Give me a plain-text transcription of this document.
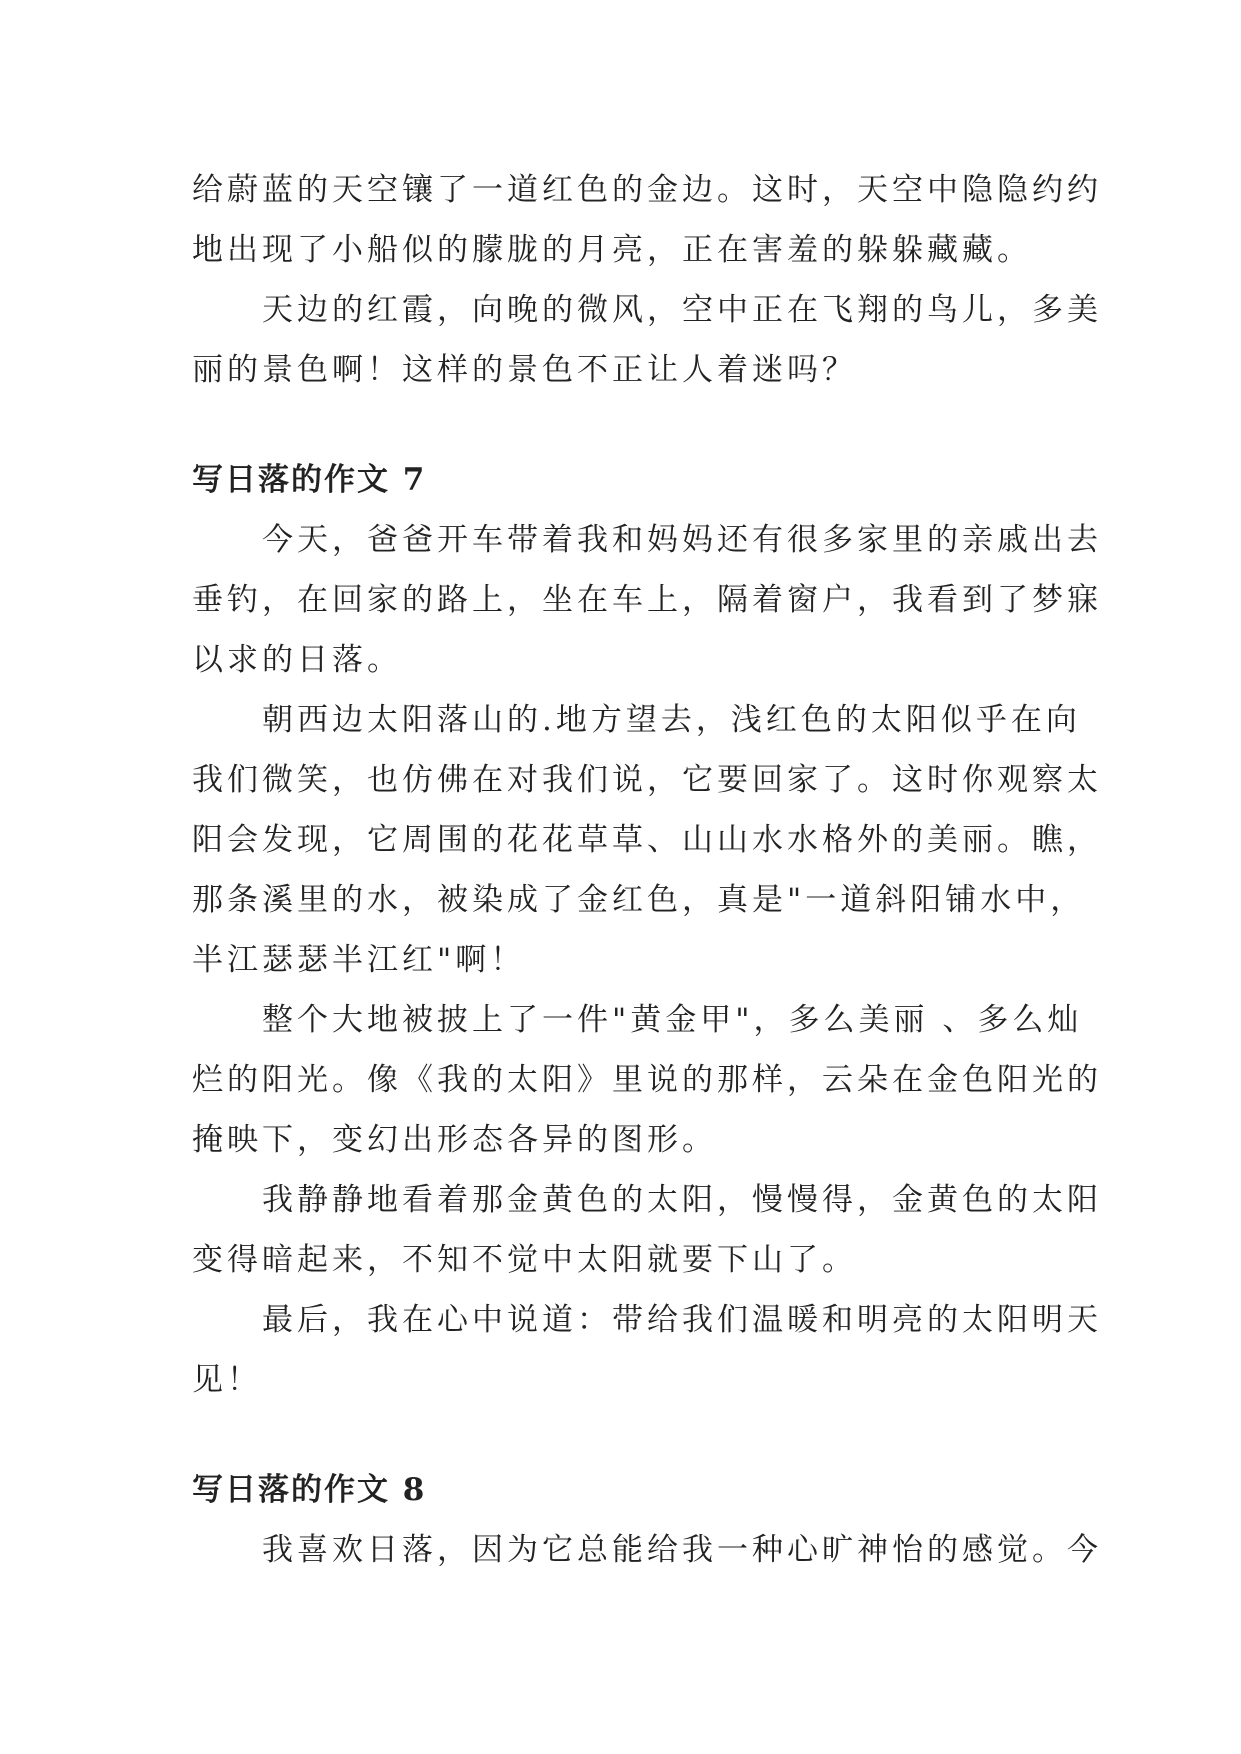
给蔚蓝的天空镶了一道红色的金边。这时，天空中隐隐约约

地出现了小船似的朦胧的月亮，正在害羞的躲躲藏藏。

天边的红霞，向晚的微风，空中正在飞翔的鸟儿，多美

丽的景色啊！这样的景色不正让人着迷吗？

写日落的作文 7

今天，爸爸开车带着我和妈妈还有很多家里的亲戚出去

垂钓，在回家的路上，坐在车上，隔着窗户，我看到了梦寐

以求的日落。

朝西边太阳落山的.地方望去，浅红色的太阳似乎在向

我们微笑，也仿佛在对我们说，它要回家了。这时你观察太

阳会发现，它周围的花花草草、山山水水格外的美丽。瞧，

那条溪里的水，被染成了金红色，真是"一道斜阳铺水中，

半江瑟瑟半江红"啊！

整个大地被披上了一件"黄金甲"，多么美丽 、多么灿

烂的阳光。像《我的太阳》里说的那样，云朵在金色阳光的

掩映下，变幻出形态各异的图形。

我静静地看着那金黄色的太阳，慢慢得，金黄色的太阳

变得暗起来，不知不觉中太阳就要下山了。

最后，我在心中说道：带给我们温暖和明亮的太阳明天

见！

写日落的作文 8

我喜欢日落，因为它总能给我一种心旷神怡的感觉。今
